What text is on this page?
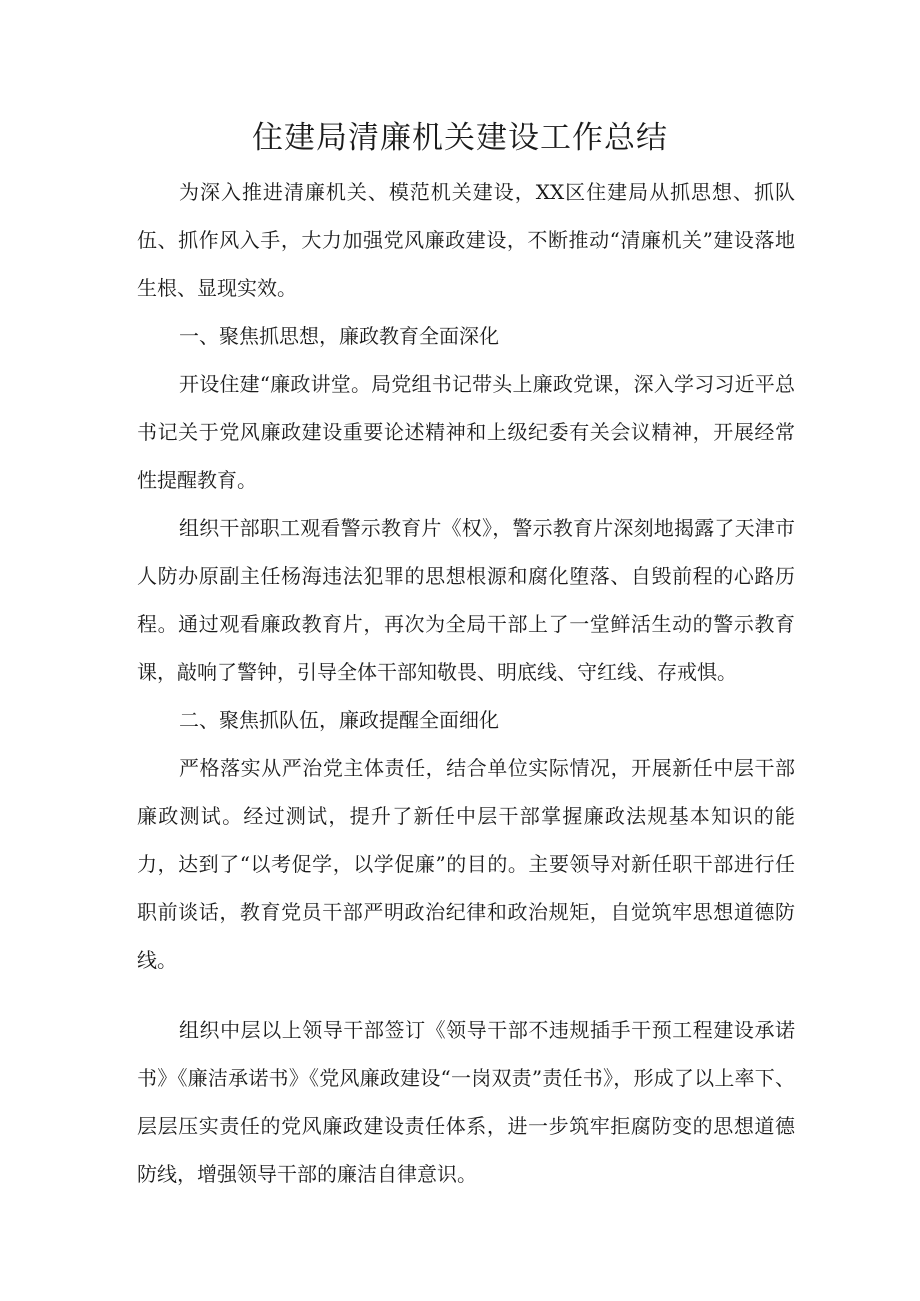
住建局清廉机关建设工作总结

为深入推进清廉机关、模范机关建设，XX区住建局从抓思想、抓队伍、抓作风入手，大力加强党风廉政建设，不断推动“清廉机关”建设落地生根、显现实效。

一、聚焦抓思想，廉政教育全面深化

开设住建“廉政讲堂。局党组书记带头上廉政党课，深入学习习近平总书记关于党风廉政建设重要论述精神和上级纪委有关会议精神，开展经常性提醒教育。

组织干部职工观看警示教育片《权》，警示教育片深刻地揭露了天津市人防办原副主任杨海违法犯罪的思想根源和腐化堕落、自毁前程的心路历程。通过观看廉政教育片，再次为全局干部上了一堂鲜活生动的警示教育课，敲响了警钟，引导全体干部知敬畏、明底线、守红线、存戒惧。

二、聚焦抓队伍，廉政提醒全面细化

严格落实从严治党主体责任，结合单位实际情况，开展新任中层干部廉政测试。经过测试，提升了新任中层干部掌握廉政法规基本知识的能力，达到了“以考促学，以学促廉”的目的。主要领导对新任职干部进行任职前谈话，教育党员干部严明政治纪律和政治规矩，自觉筑牢思想道德防线。

组织中层以上领导干部签订《领导干部不违规插手干预工程建设承诺书》《廉洁承诺书》《党风廉政建设“一岗双责”责任书》，形成了以上率下、层层压实责任的党风廉政建设责任体系，进一步筑牢拒腐防变的思想道德防线，增强领导干部的廉洁自律意识。
